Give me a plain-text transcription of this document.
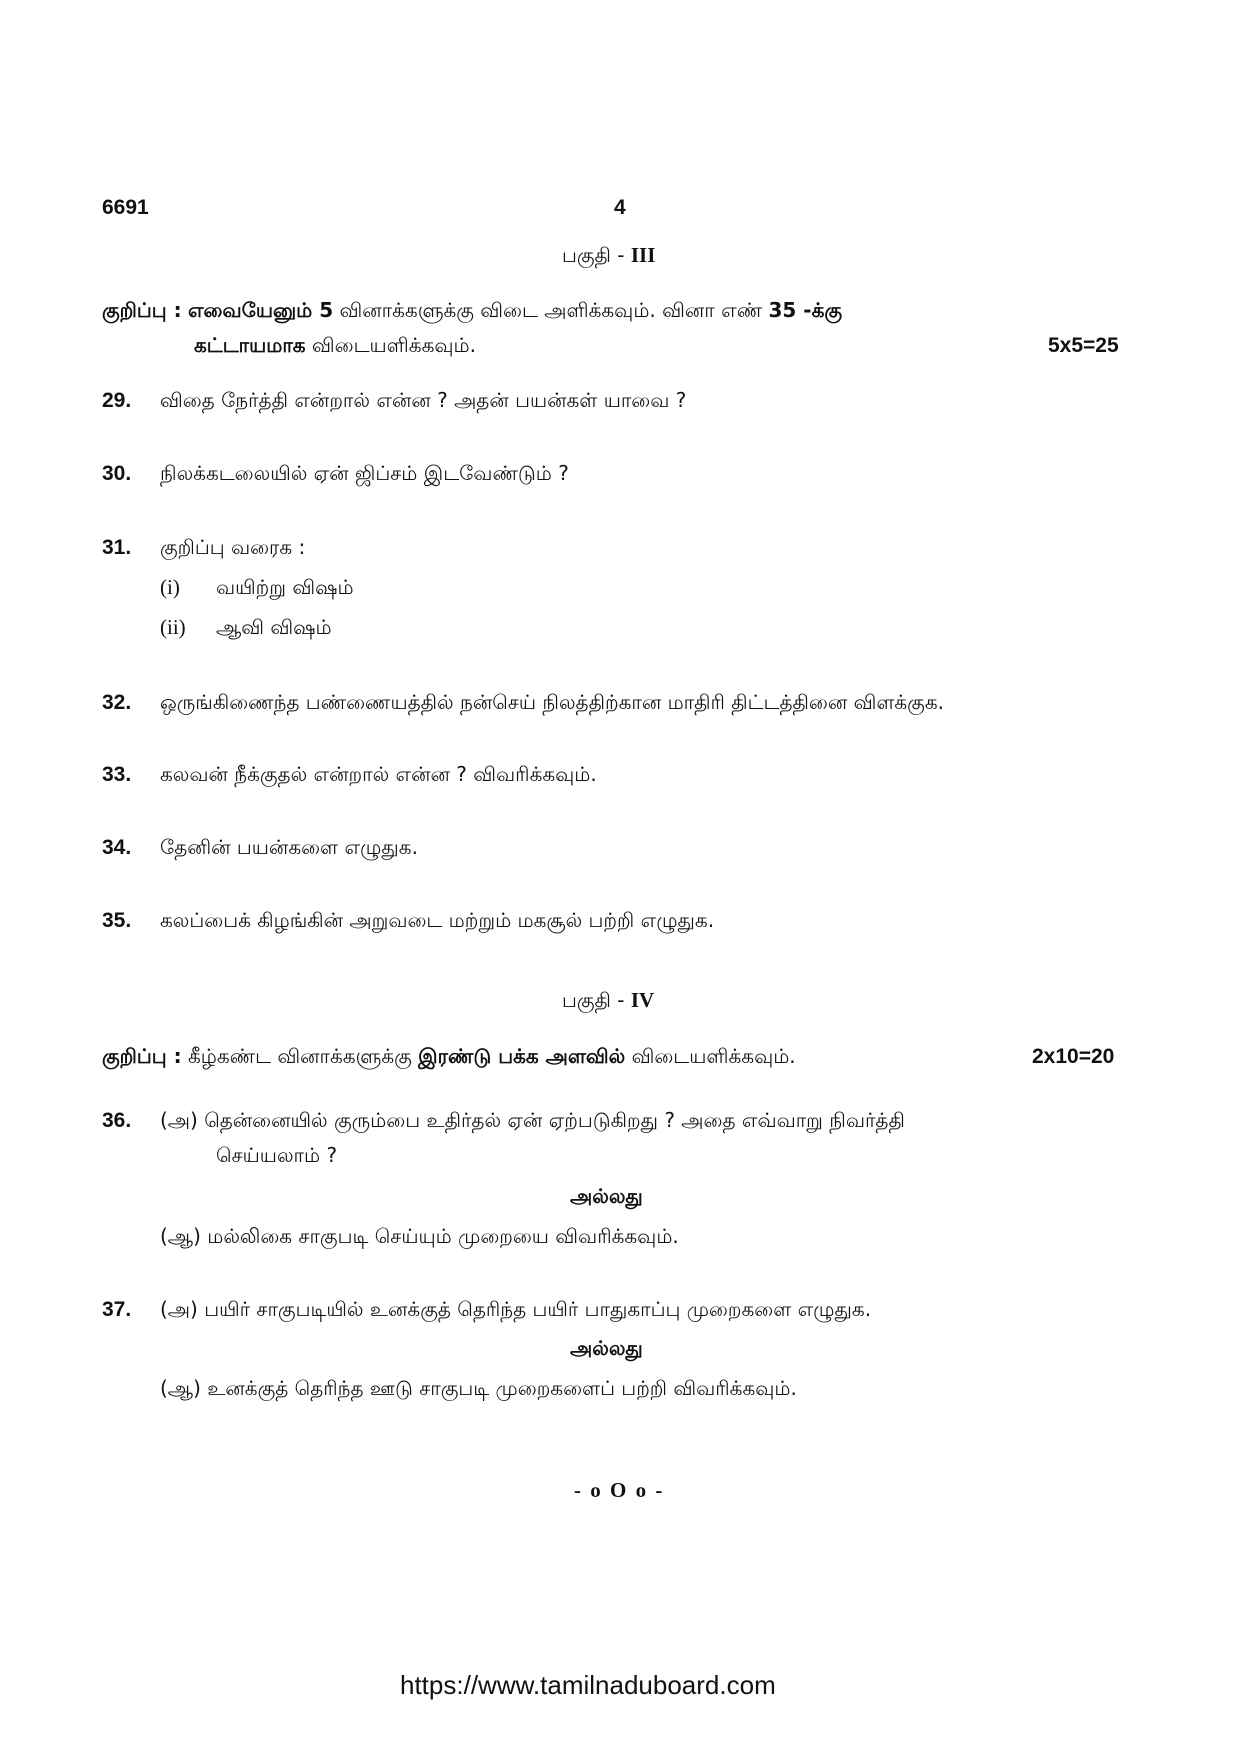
6691	4
பகுதி - III
குறிப்பு : எவையேனும் 5 வினாக்களுக்கு விடை அளிக்கவும். வினா எண் 35 -க்கு
கட்டாயமாக விடையளிக்கவும்.	5x5=25
29. விதை நேர்த்தி என்றால் என்ன ? அதன் பயன்கள் யாவை ?
30. நிலக்கடலையில் ஏன் ஜிப்சம் இடவேண்டும் ?
31. குறிப்பு வரைக :
(i) வயிற்று விஷம்
(ii) ஆவி விஷம்
32. ஒருங்கிணைந்த பண்ணையத்தில் நன்செய் நிலத்திற்கான மாதிரி திட்டத்தினை விளக்குக.
33. கலவன் நீக்குதல் என்றால் என்ன ? விவரிக்கவும்.
34. தேனின் பயன்களை எழுதுக.
35. கலப்பைக் கிழங்கின் அறுவடை மற்றும் மகசூல் பற்றி எழுதுக.
பகுதி - IV
குறிப்பு : கீழ்கண்ட வினாக்களுக்கு இரண்டு பக்க அளவில் விடையளிக்கவும்.	2x10=20
36. (அ) தென்னையில் குரும்பை உதிர்தல் ஏன் ஏற்படுகிறது ? அதை எவ்வாறு நிவர்த்தி
செய்யலாம் ?
அல்லது
(ஆ) மல்லிகை சாகுபடி செய்யும் முறையை விவரிக்கவும்.
37. (அ) பயிர் சாகுபடியில் உனக்குத் தெரிந்த பயிர் பாதுகாப்பு முறைகளை எழுதுக.
அல்லது
(ஆ) உனக்குத் தெரிந்த ஊடு சாகுபடி முறைகளைப் பற்றி விவரிக்கவும்.
- o O o -
https://www.tamilnaduboard.com
